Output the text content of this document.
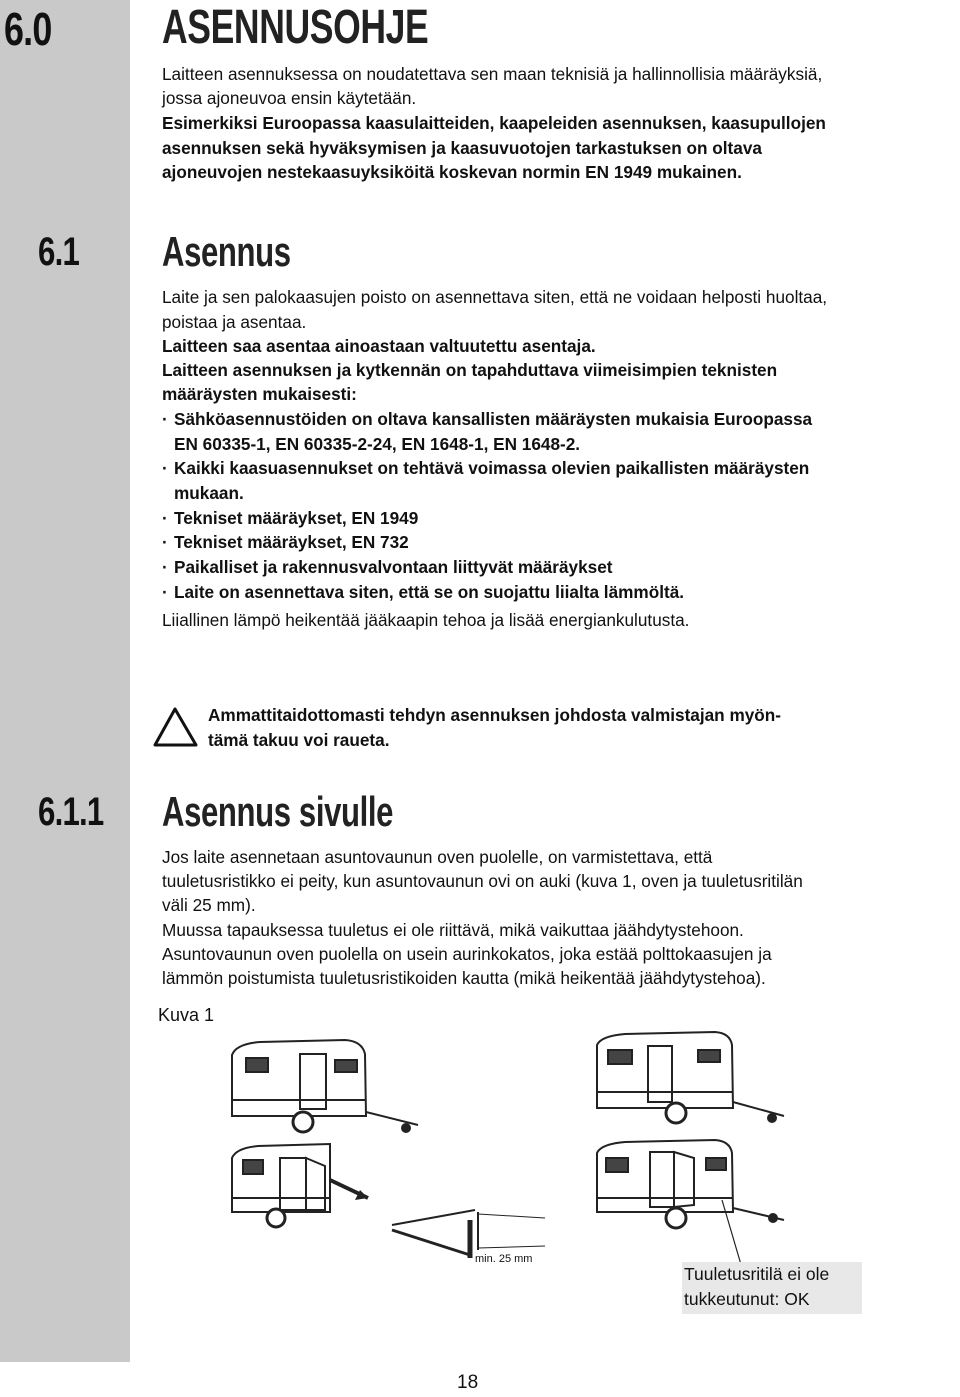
6.0 ASENNUSOHJE
Laitteen asennuksessa on noudatettava sen maan teknisiä ja hallinnollisia määräyksiä,
jossa ajoneuvoa ensin käytetään.
Esimerkiksi Euroopassa kaasulaitteiden, kaapeleiden asennuksen, kaasupullojen
asennuksen sekä hyväksymisen ja kaasuvuotojen tarkastuksen on oltava
ajoneuvojen nestekaasuyksiköitä koskevan normin EN 1949 mukainen.
6.1 Asennus
Laite ja sen palokaasujen poisto on asennettava siten, että ne voidaan helposti huoltaa,
poistaa ja asentaa.
Laitteen saa asentaa ainoastaan valtuutettu asentaja.
Laitteen asennuksen ja kytkennän on tapahduttava viimeisimpien teknisten
määräysten mukaisesti:
· Sähköasennustöiden on oltava kansallisten määräysten mukaisia Euroopassa
EN 60335-1, EN 60335-2-24, EN 1648-1, EN 1648-2.
· Kaikki kaasuasennukset on tehtävä voimassa olevien paikallisten määräysten
mukaan.
· Tekniset määräykset, EN 1949
· Tekniset määräykset, EN 732
· Paikalliset ja rakennusvalvontaan liittyvät määräykset
· Laite on asennettava siten, että se on suojattu liialta lämmöltä.
Liiallinen lämpö heikentää jääkaapin tehoa ja lisää energiankulutusta.
Ammattitaidottomasti tehdyn asennuksen johdosta valmistajan myön-
tämä takuu voi raueta.
6.1.1 Asennus sivulle
Jos laite asennetaan asuntovaunun oven puolelle, on varmistettava, että
tuuletusristikko ei peity, kun asuntovaunun ovi on auki (kuva 1, oven ja tuuletusritilän
väli 25 mm).
Muussa tapauksessa tuuletus ei ole riittävä, mikä vaikuttaa jäähdytystehoon.
Asuntovaunun oven puolella on usein aurinkokatos, joka estää polttokaasujen ja
lämmön poistumista tuuletusristikoiden kautta (mikä heikentää jäähdytystehoa).
Kuva 1
min. 25 mm
Tuuletusritilä ei ole
tukkeutunut: OK
18
